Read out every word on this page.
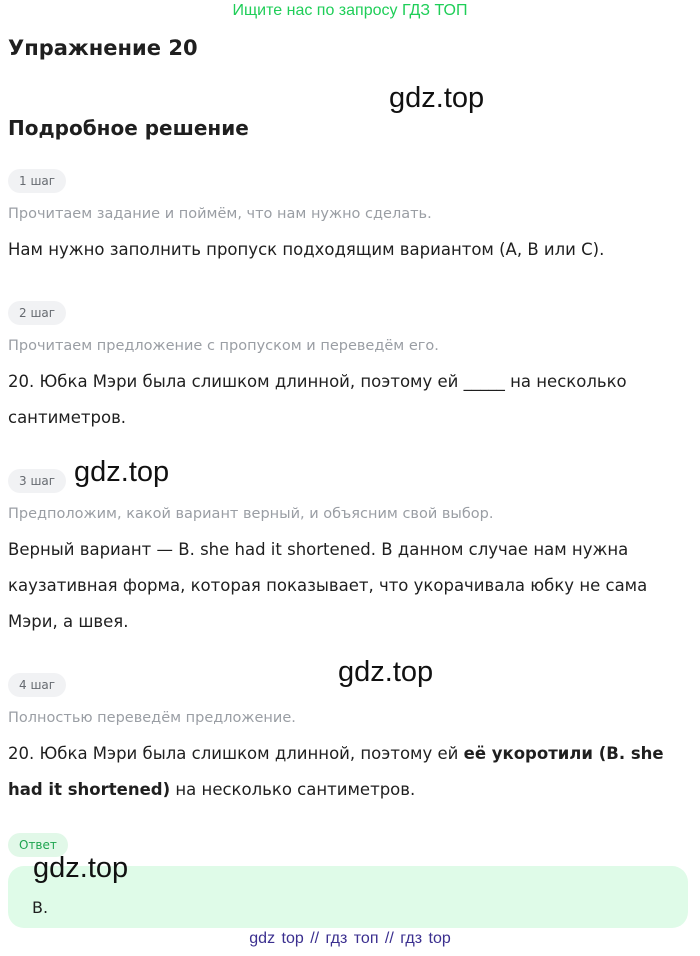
Ищите нас по запросу ГДЗ ТОП
Упражнение 20
gdz.top
Подробное решение
1 шаг
Прочитаем задание и поймём, что нам нужно сделать.
Нам нужно заполнить пропуск подходящим вариантом (A, B или C).
2 шаг
Прочитаем предложение с пропуском и переведём его.
20. Юбка Мэри была слишком длинной, поэтому ей _____ на несколько сантиметров.
3 шаг gdz.top
Предположим, какой вариант верный, и объясним свой выбор.
Верный вариант — B. she had it shortened. В данном случае нам нужна каузативная форма, которая показывает, что укорачивала юбку не сама Мэри, а швея.
gdz.top
4 шаг
Полностью переведём предложение.
20. Юбка Мэри была слишком длинной, поэтому ей её укоротили (B. she had it shortened) на несколько сантиметров.
Ответ
gdz.top
B.
gdz top // гдз топ // гдз top
